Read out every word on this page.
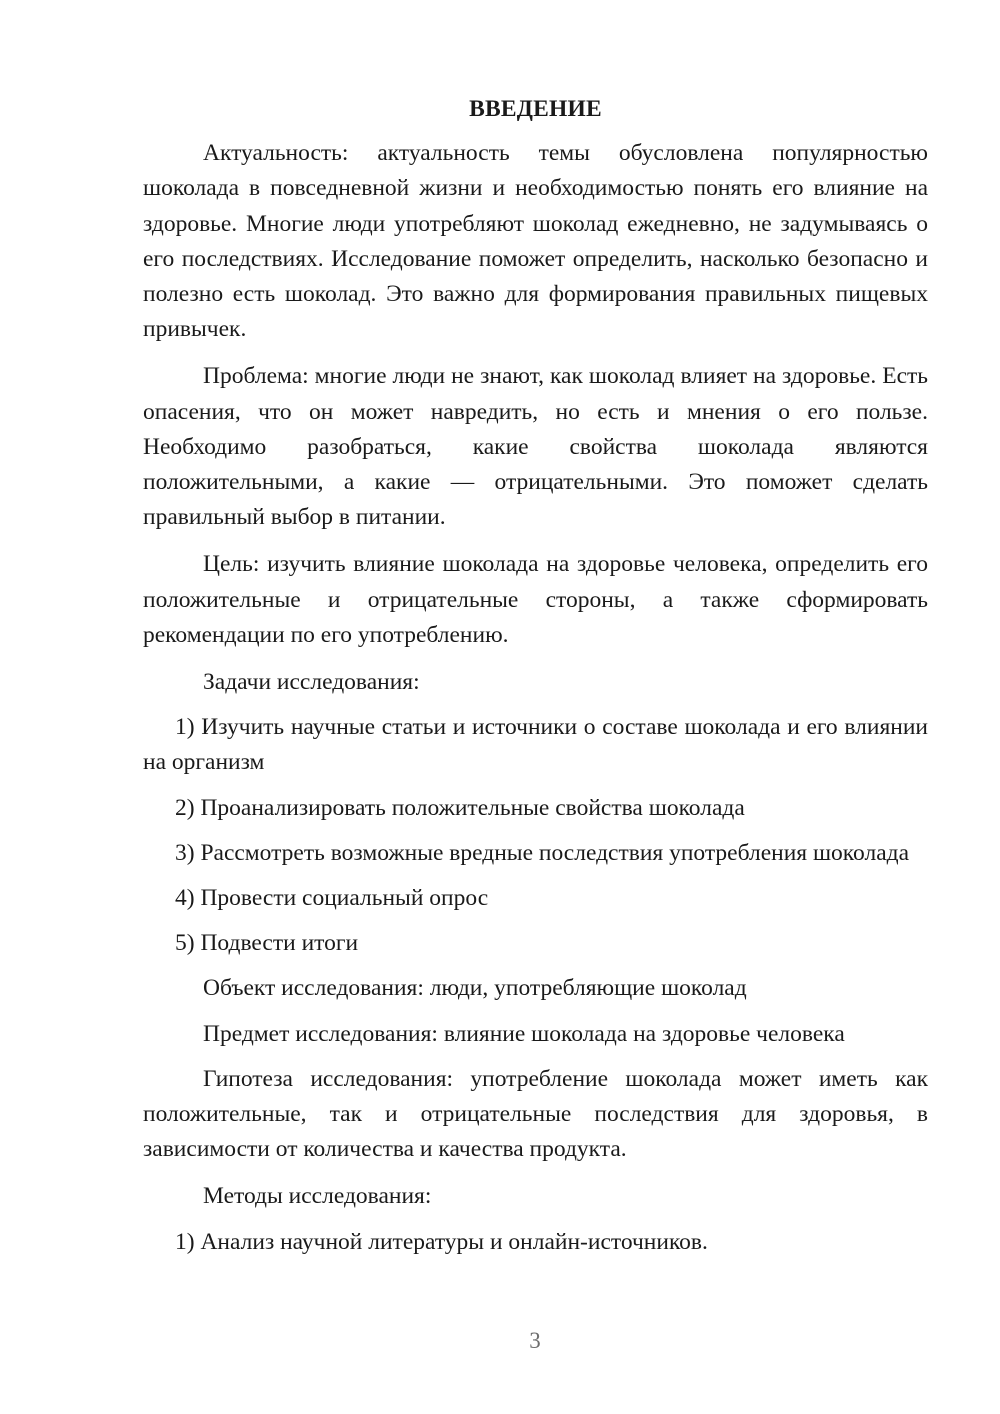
ВВЕДЕНИЕ

Актуальность: актуальность темы обусловлена популярностью шоколада в повседневной жизни и необходимостью понять его влияние на здоровье. Многие люди употребляют шоколад ежедневно, не задумываясь о его последствиях. Исследование поможет определить, насколько безопасно и полезно есть шоколад. Это важно для формирования правильных пищевых привычек.

Проблема: многие люди не знают, как шоколад влияет на здоровье. Есть опасения, что он может навредить, но есть и мнения о его пользе. Необходимо разобраться, какие свойства шоколада являются положительными, а какие — отрицательными. Это поможет сделать правильный выбор в питании.

Цель: изучить влияние шоколада на здоровье человека, определить его положительные и отрицательные стороны, а также сформировать рекомендации по его употреблению.

Задачи исследования:

1) Изучить научные статьи и источники о составе шоколада и его влиянии на организм

2) Проанализировать положительные свойства шоколада

3) Рассмотреть возможные вредные последствия употребления шоколада

4) Провести социальный опрос

5) Подвести итоги

Объект исследования: люди, употребляющие шоколад

Предмет исследования: влияние шоколада на здоровье человека

Гипотеза исследования: употребление шоколада может иметь как положительные, так и отрицательные последствия для здоровья, в зависимости от количества и качества продукта.

Методы исследования:

1) Анализ научной литературы и онлайн-источников.

3
